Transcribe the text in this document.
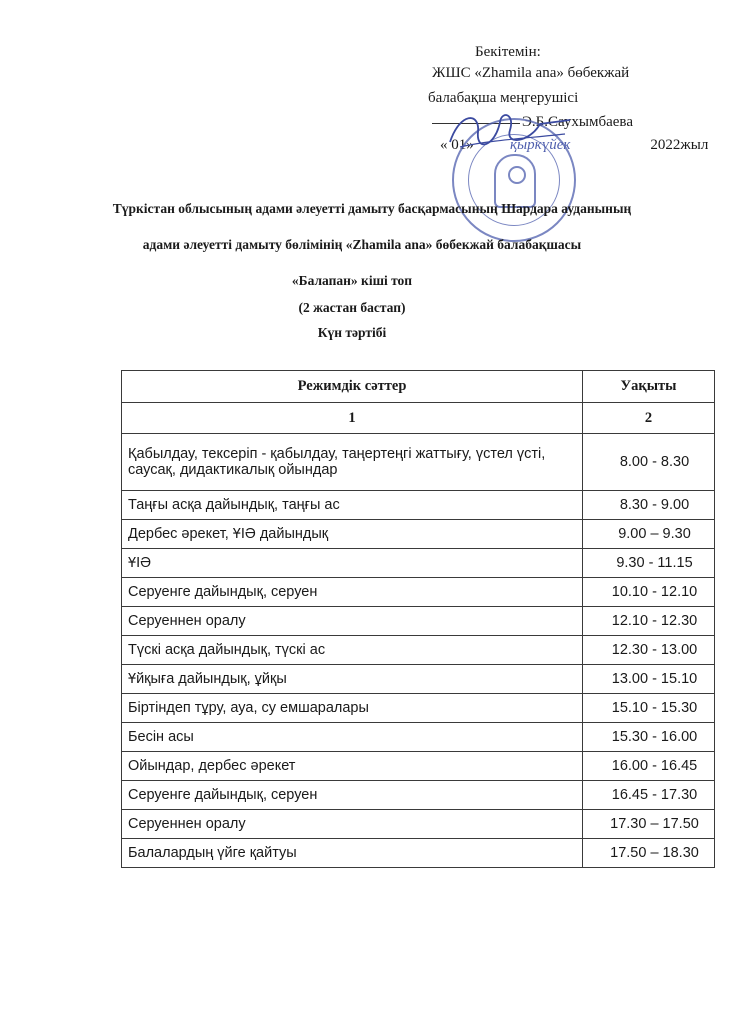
Бекітемін:
ЖШС «Zhamila ana» бөбекжай
балабақша меңгерушісі
Э.Б.Саухымбаева
« 01» қыркүйек	2022жыл
Түркістан облысының адами әлеуетті дамыту басқармасының Шардара ауданының
адами әлеуетті дамыту бөлімінің «Zhamila ana» бөбекжай балабақшасы
«Балапан» кіші топ
(2 жастан бастап)
Күн тәртібі
Режимдік сәттер	Уақыты
1	2
Қабылдау, тексеріп - қабылдау, таңертеңгі жаттығу, үстел үсті, саусақ, дидактикалық ойындар	8.00 - 8.30
Таңғы асқа дайындық, таңғы ас	8.30 - 9.00
Дербес әрекет, ҰІӘ дайындық	9.00 – 9.30
ҰІӘ	9.30 - 11.15
Серуенге дайындық, серуен	10.10 - 12.10
Серуеннен оралу	12.10 - 12.30
Түскі асқа дайындық, түскі ас	12.30 - 13.00
Ұйқыға дайындық, ұйқы	13.00 - 15.10
Біртіндеп тұру, ауа, су емшаралары	15.10 - 15.30
Бесін асы	15.30 - 16.00
Ойындар, дербес әрекет	16.00 - 16.45
Серуенге дайындық, серуен	16.45 - 17.30
Серуеннен оралу	17.30 – 17.50
Балалардың үйге қайтуы	17.50 – 18.30
